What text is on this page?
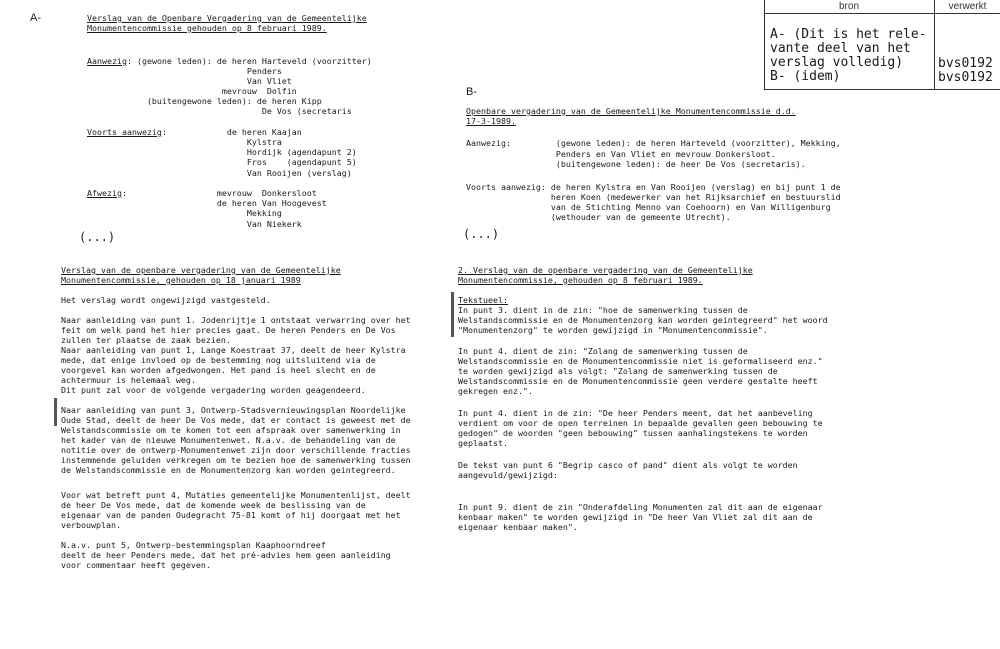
A-
B-
bron	verwerkt
A- (Dit is het rele-
vante deel van het
verslag volledig)
B- (idem)
bvs0192
bvs0192
Verslag van de Openbare Vergadering van de Gemeentelijke
Monumentencommissie gehouden op 8 februari 1989.
Aanwezig: (gewone leden): de heren Harteveld (voorzitter)
Penders
Van Vliet
mevrouw  Dolfin
(buitengewone leden): de heren Kipp
De Vos (secretaris
Voorts aanwezig:            de heren Kaajan
Kylstra
Hordijk (agendapunt 2)
Fros    (agendapunt 5)
Van Rooijen (verslag)
Afwezig:                  mevrouw  Donkersloot
de heren Van Hoogevest
Mekking
Van Niekerk
(...)
Openbare vergadering van de Gemeentelijke Monumentencommissie d.d.
17-3-1989.
Aanwezig:         (gewone leden): de heren Harteveld (voorzitter), Mekking,
Penders en Van Vliet en mevrouw Donkersloot.
(buitengewone leden): de heer De Vos (secretaris).
Voorts aanwezig: de heren Kylstra en Van Rooijen (verslag) en bij punt 1 de
heren Koen (medewerker van het Rijksarchief en bestuurslid
van de Stichting Menno van Coehoorn) en Van Willigenburg
(wethouder van de gemeente Utrecht).
(...)
Verslag van de openbare vergadering van de Gemeentelijke
Monumentencommissie, gehouden op 18 januari 1989
Het verslag wordt ongewijzigd vastgesteld.
Naar aanleiding van punt 1. Jodenrijtje 1 ontstaat verwarring over het
feit om welk pand het hier precies gaat. De heren Penders en De Vos
zullen ter plaatse de zaak bezien.
Naar aanleiding van punt 1, Lange Koestraat 37, deelt de heer Kylstra
mede, dat enige invloed op de bestemming nog uitsluitend via de
voorgevel kan worden afgedwongen. Het pand is heel slecht en de
achtermuur is helemaal weg.
Dit punt zal voor de volgende vergadering worden geagendeerd.
Naar aanleiding van punt 3, Ontwerp-Stadsvernieuwingsplan Noordelijke
Oude Stad, deelt de heer De Vos mede, dat er contact is geweest met de
Welstandscommissie om te komen tot een afspraak over samenwerking in
het kader van de nieuwe Monumentenwet. N.a.v. de behandeling van de
notitie over de ontwerp-Monumentenwet zijn door verschillende fracties
instemmende geluiden verkregen om te bezien hoe de samenwerking tussen
de Welstandscommissie en de Monumentenzorg kan worden geintegreerd.
Voor wat betreft punt 4, Mutaties gemeentelijke Monumentenlijst, deelt
de heer De Vos mede, dat de komende week de beslissing van de
eigenaar van de panden Oudegracht 75-81 komt of hij doorgaat met het
verbouwplan.
N.a.v. punt 5, Ontwerp-bestemmingsplan Kaaphoorndreef
deelt de heer Penders mede, dat het pré-advies hem geen aanleiding
voor commentaar heeft gegeven.
2. Verslag van de openbare vergadering van de Gemeentelijke
Monumentencommissie, gehouden op 8 februari 1989.
Tekstueel:
In punt 3. dient in de zin: "hoe de samenwerking tussen de
Welstandscommissie en de Monumentenzorg kan worden geintegreerd" het woord
"Monumentenzorg" te worden gewijzigd in "Monumentencommissie".
In punt 4. dient de zin: "Zolang de samenwerking tussen de
Welstandscommissie en de Monumentencommissie niet is geformaliseerd enz."
te worden gewijzigd als volgt: "Zolang de samenwerking tussen de
Welstandscommissie en de Monumentencommissie geen verdere gestalte heeft
gekregen enz.".
In punt 4. dient in de zin: "De heer Penders meent, dat het aanbeveling
verdient om voor de open terreinen in bepaalde gevallen geen bebouwing te
gedogen" de woorden "geen bebouwing" tussen aanhalingstekens te worden
geplaatst.
De tekst van punt 6 "Begrip casco of pand" dient als volgt te worden
aangevuld/gewijzigd:
In punt 9. dient de zin "Onderafdeling Monumenten zal dit aan de eigenaar
kenbaar maken" te worden gewijzigd in "De heer Van Vliet zal dit aan de
eigenaar kenbaar maken".
